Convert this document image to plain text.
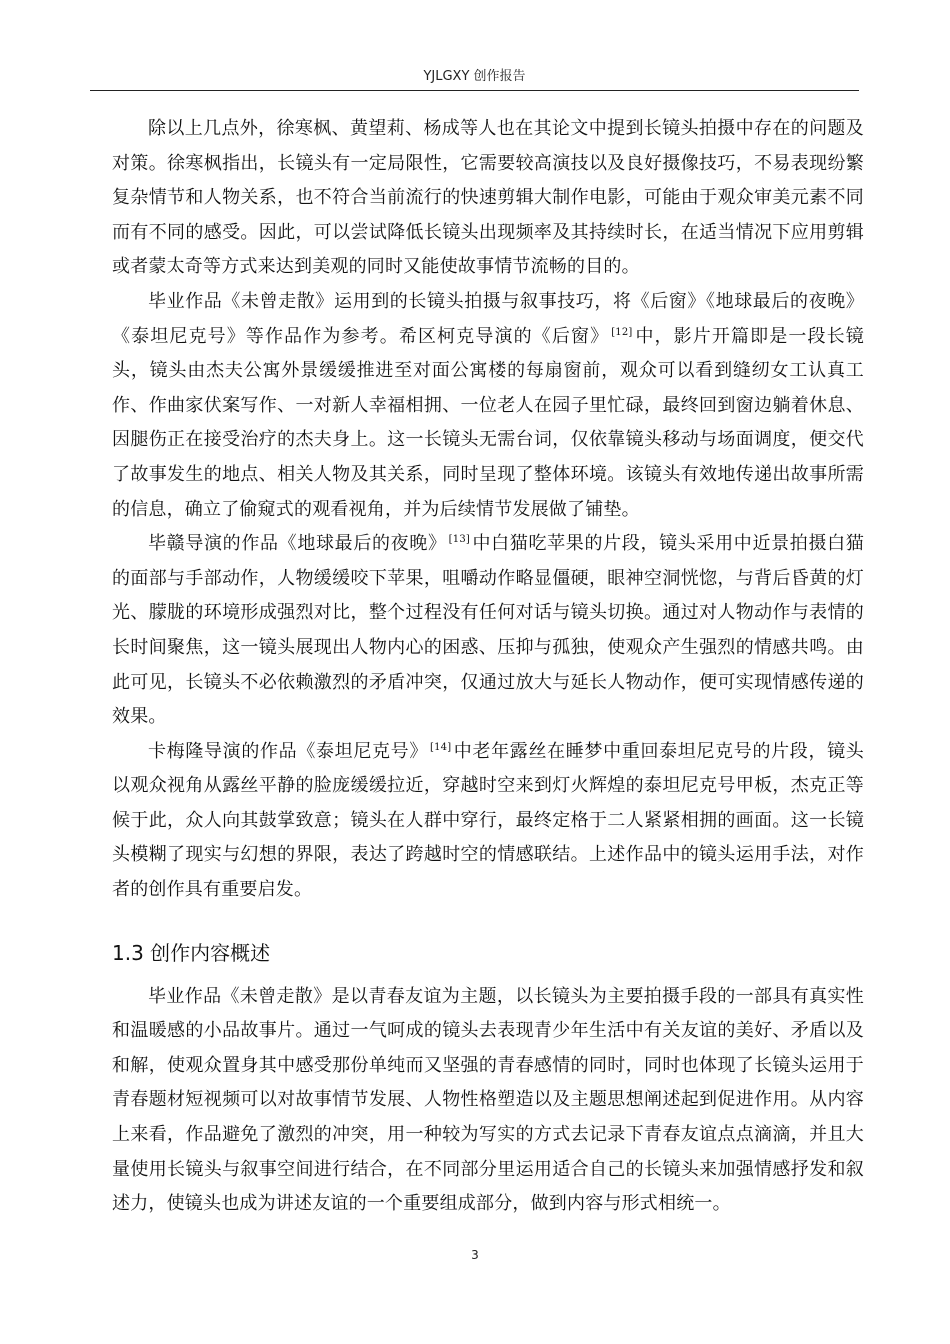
YJLGXY 创作报告

除以上几点外，徐寒枫、黄望莉、杨成等人也在其论文中提到长镜头拍摄中存在的问题及对策。徐寒枫指出，长镜头有一定局限性，它需要较高演技以及良好摄像技巧，不易表现纷繁复杂情节和人物关系，也不符合当前流行的快速剪辑大制作电影，可能由于观众审美元素不同而有不同的感受。因此，可以尝试降低长镜头出现频率及其持续时长，在适当情况下应用剪辑或者蒙太奇等方式来达到美观的同时又能使故事情节流畅的目的。

毕业作品《未曾走散》运用到的长镜头拍摄与叙事技巧，将《后窗》《地球最后的夜晚》《泰坦尼克号》等作品作为参考。希区柯克导演的《后窗》 [12] 中，影片开篇即是一段长镜头，镜头由杰夫公寓外景缓缓推进至对面公寓楼的每扇窗前，观众可以看到缝纫女工认真工作、作曲家伏案写作、一对新人幸福相拥、一位老人在园子里忙碌，最终回到窗边躺着休息、因腿伤正在接受治疗的杰夫身上。这一长镜头无需台词，仅依靠镜头移动与场面调度，便交代了故事发生的地点、相关人物及其关系，同时呈现了整体环境。该镜头有效地传递出故事所需的信息，确立了偷窥式的观看视角，并为后续情节发展做了铺垫。

毕赣导演的作品《地球最后的夜晚》 [13] 中白猫吃苹果的片段，镜头采用中近景拍摄白猫的面部与手部动作，人物缓缓咬下苹果，咀嚼动作略显僵硬，眼神空洞恍惚，与背后昏黄的灯光、朦胧的环境形成强烈对比，整个过程没有任何对话与镜头切换。通过对人物动作与表情的长时间聚焦，这一镜头展现出人物内心的困惑、压抑与孤独，使观众产生强烈的情感共鸣。由此可见，长镜头不必依赖激烈的矛盾冲突，仅通过放大与延长人物动作，便可实现情感传递的效果。

卡梅隆导演的作品《泰坦尼克号》 [14] 中老年露丝在睡梦中重回泰坦尼克号的片段，镜头以观众视角从露丝平静的脸庞缓缓拉近，穿越时空来到灯火辉煌的泰坦尼克号甲板，杰克正等候于此，众人向其鼓掌致意；镜头在人群中穿行，最终定格于二人紧紧相拥的画面。这一长镜头模糊了现实与幻想的界限，表达了跨越时空的情感联结。上述作品中的镜头运用手法，对作者的创作具有重要启发。

1.3 创作内容概述

毕业作品《未曾走散》是以青春友谊为主题，以长镜头为主要拍摄手段的一部具有真实性和温暖感的小品故事片。通过一气呵成的镜头去表现青少年生活中有关友谊的美好、矛盾以及和解，使观众置身其中感受那份单纯而又坚强的青春感情的同时，同时也体现了长镜头运用于青春题材短视频可以对故事情节发展、人物性格塑造以及主题思想阐述起到促进作用。从内容上来看，作品避免了激烈的冲突，用一种较为写实的方式去记录下青春友谊点点滴滴，并且大量使用长镜头与叙事空间进行结合，在不同部分里运用适合自己的长镜头来加强情感抒发和叙述力，使镜头也成为讲述友谊的一个重要组成部分，做到内容与形式相统一。

3
